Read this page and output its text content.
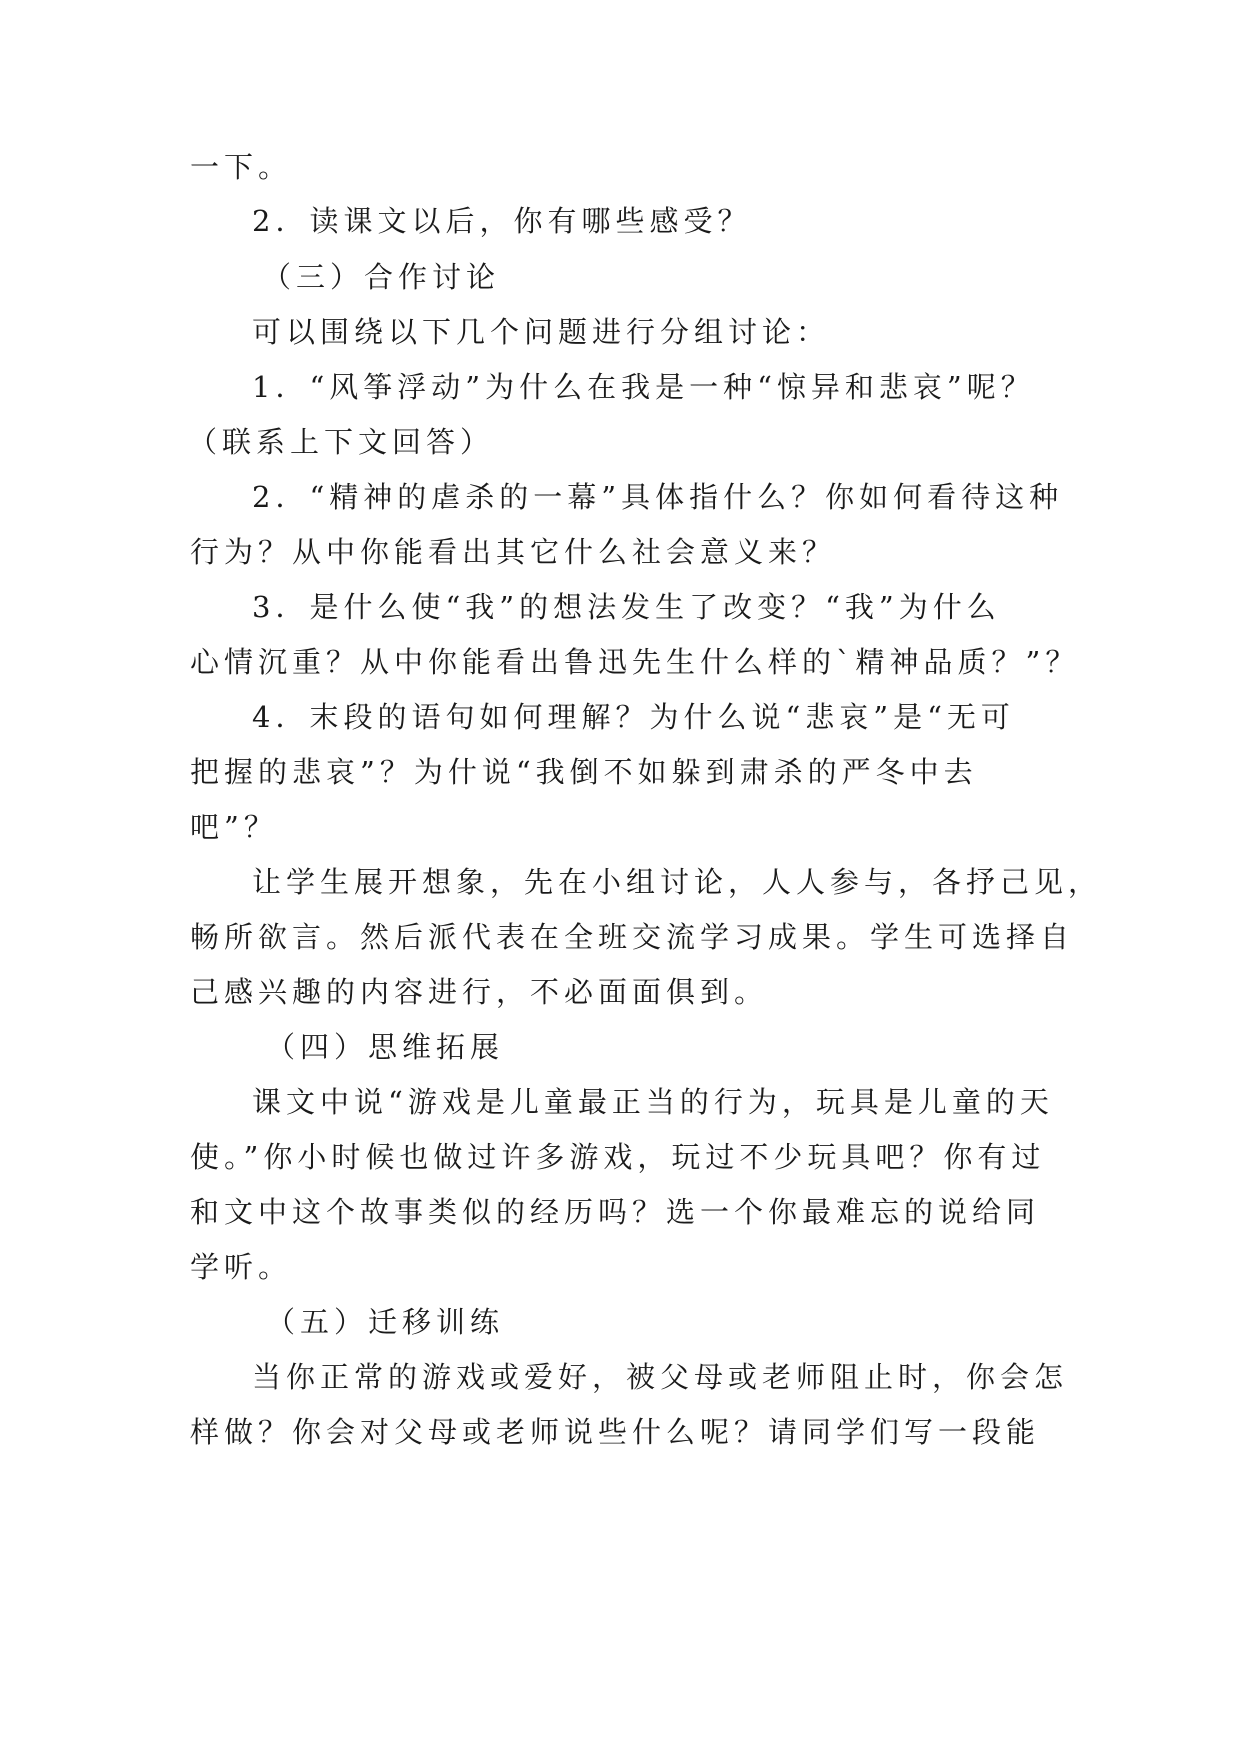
一下。
2．读课文以后，你有哪些感受？
（三）合作讨论
可以围绕以下几个问题进行分组讨论：
1．“风筝浮动”为什么在我是一种“惊异和悲哀”呢？
（联系上下文回答）
2．“精神的虐杀的一幕”具体指什么？你如何看待这种
行为？从中你能看出其它什么社会意义来？
3．是什么使“我”的想法发生了改变？“我”为什么
心情沉重？从中你能看出鲁迅先生什么样的`精神品质？”？
4．末段的语句如何理解？为什么说“悲哀”是“无可
把握的悲哀”？为什说“我倒不如躲到肃杀的严冬中去
吧”？
让学生展开想象，先在小组讨论，人人参与，各抒己见，
畅所欲言。然后派代表在全班交流学习成果。学生可选择自
己感兴趣的内容进行，不必面面俱到。
（四）思维拓展
课文中说“游戏是儿童最正当的行为，玩具是儿童的天
使。”你小时候也做过许多游戏，玩过不少玩具吧？你有过
和文中这个故事类似的经历吗？选一个你最难忘的说给同
学听。
（五）迁移训练
当你正常的游戏或爱好，被父母或老师阻止时，你会怎
样做？你会对父母或老师说些什么呢？请同学们写一段能
